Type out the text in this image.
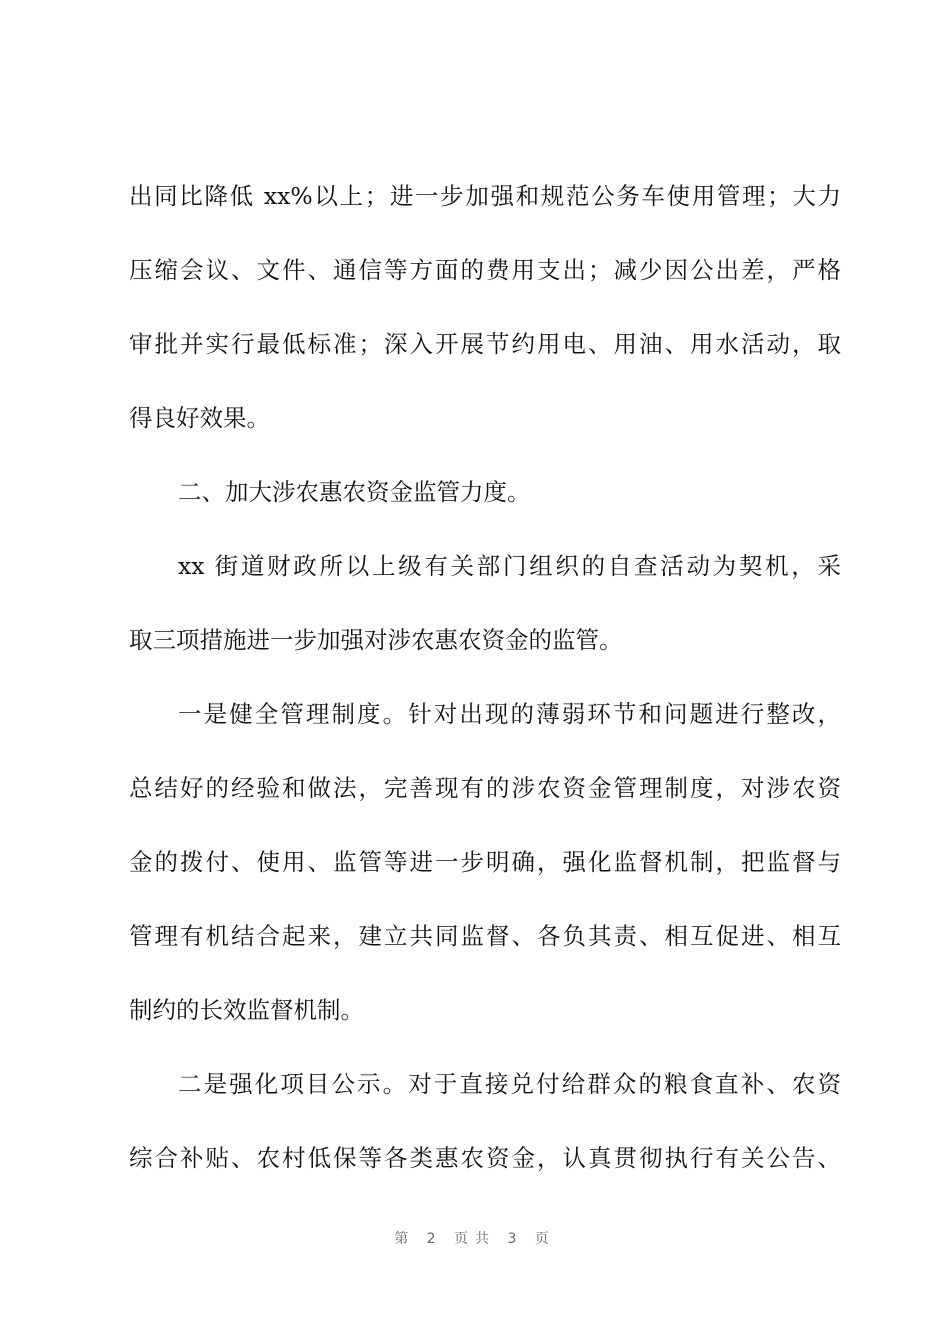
出同比降低 xx%以上；进一步加强和规范公务车使用管理；大力
压缩会议、文件、通信等方面的费用支出；减少因公出差，严格
审批并实行最低标准；深入开展节约用电、用油、用水活动，取
得良好效果。
二、加大涉农惠农资金监管力度。
xx 街道财政所以上级有关部门组织的自查活动为契机，采
取三项措施进一步加强对涉农惠农资金的监管。
一是健全管理制度。针对出现的薄弱环节和问题进行整改，
总结好的经验和做法，完善现有的涉农资金管理制度，对涉农资
金的拨付、使用、监管等进一步明确，强化监督机制，把监督与
管理有机结合起来，建立共同监督、各负其责、相互促进、相互
制约的长效监督机制。
二是强化项目公示。对于直接兑付给群众的粮食直补、农资
综合补贴、农村低保等各类惠农资金，认真贯彻执行有关公告、
第 2 页共 3 页
